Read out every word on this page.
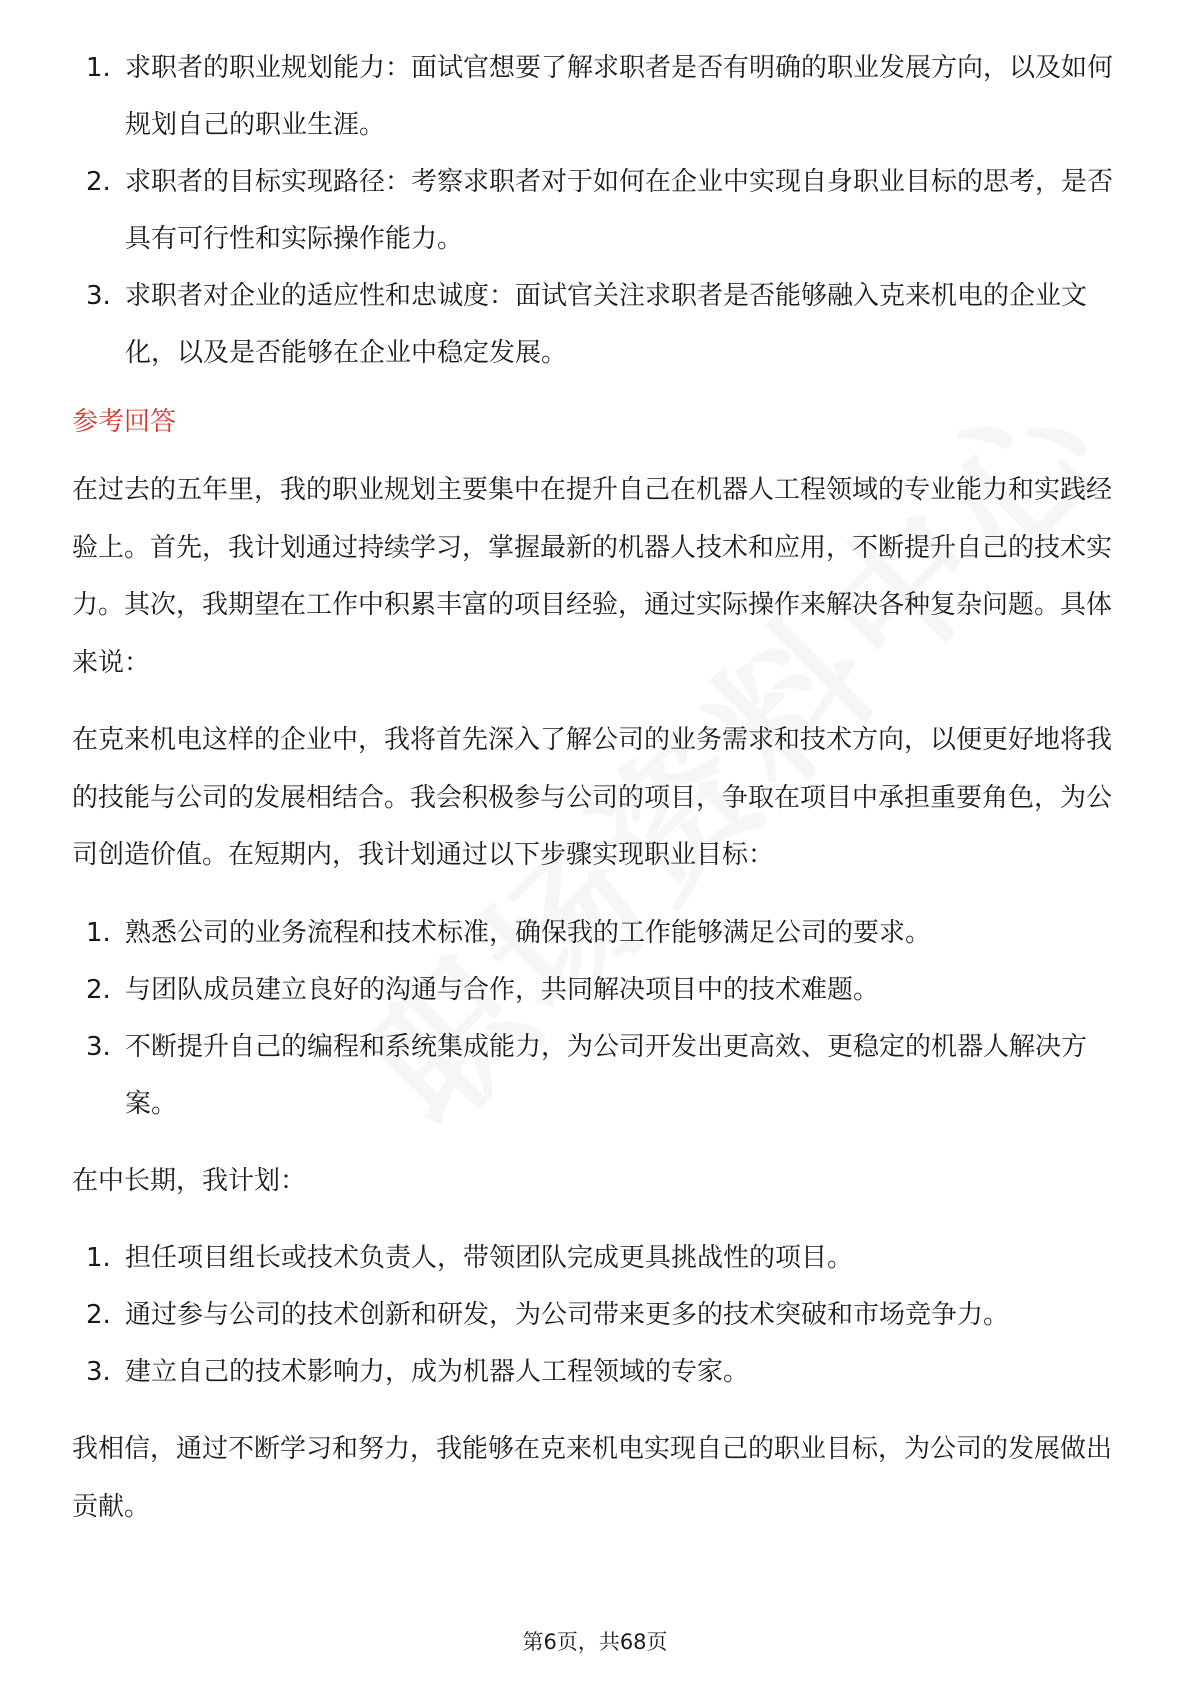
1. 求职者的职业规划能力：面试官想要了解求职者是否有明确的职业发展方向，以及如何规划自己的职业生涯。
2. 求职者的目标实现路径：考察求职者对于如何在企业中实现自身职业目标的思考，是否具有可行性和实际操作能力。
3. 求职者对企业的适应性和忠诚度：面试官关注求职者是否能够融入克来机电的企业文化，以及是否能够在企业中稳定发展。
参考回答

在过去的五年里，我的职业规划主要集中在提升自己在机器人工程领域的专业能力和实践经验上。首先，我计划通过持续学习，掌握最新的机器人技术和应用，不断提升自己的技术实力。其次，我期望在工作中积累丰富的项目经验，通过实际操作来解决各种复杂问题。具体来说：

在克来机电这样的企业中，我将首先深入了解公司的业务需求和技术方向，以便更好地将我的技能与公司的发展相结合。我会积极参与公司的项目，争取在项目中承担重要角色，为公司创造价值。在短期内，我计划通过以下步骤实现职业目标：

1. 熟悉公司的业务流程和技术标准，确保我的工作能够满足公司的要求。
2. 与团队成员建立良好的沟通与合作，共同解决项目中的技术难题。
3. 不断提升自己的编程和系统集成能力，为公司开发出更高效、更稳定的机器人解决方案。

在中长期，我计划：

1. 担任项目组长或技术负责人，带领团队完成更具挑战性的项目。
2. 通过参与公司的技术创新和研发，为公司带来更多的技术突破和市场竞争力。
3. 建立自己的技术影响力，成为机器人工程领域的专家。

我相信，通过不断学习和努力，我能够在克来机电实现自己的职业目标，为公司的发展做出贡献。

第6页，共68页
